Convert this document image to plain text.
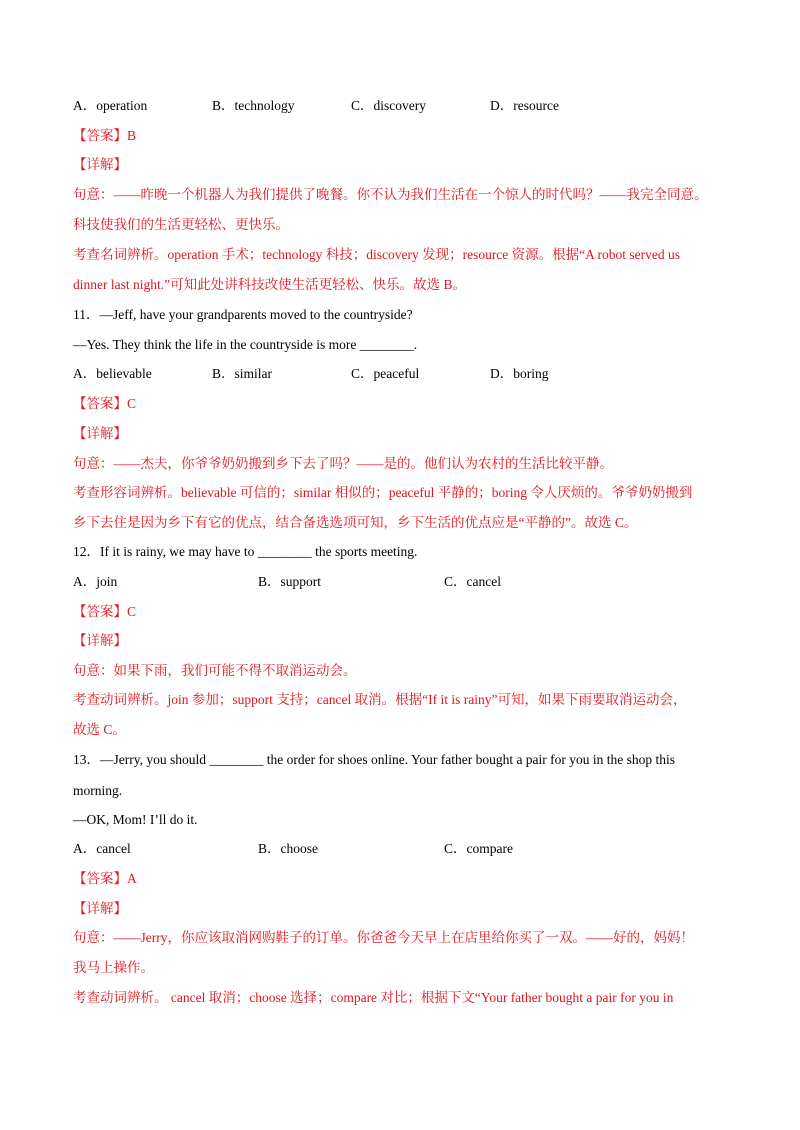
A．operation	B．technology	C．discovery	D．resource
【答案】B
【详解】
句意：——昨晚一个机器人为我们提供了晚餐。你不认为我们生活在一个惊人的时代吗？——我完全同意。
科技使我们的生活更轻松、更快乐。
考查名词辨析。operation 手术；technology 科技；discovery 发现；resource 资源。根据“A robot served us
dinner last night.”可知此处讲科技改使生活更轻松、快乐。故选 B。
11．—Jeff, have your grandparents moved to the countryside?
—Yes. They think the life in the countryside is more ________.
A．believable	B．similar	C．peaceful	D．boring
【答案】C
【详解】
句意：——杰夫，你爷爷奶奶搬到乡下去了吗？——是的。他们认为农村的生活比较平静。
考查形容词辨析。believable 可信的；similar 相似的；peaceful 平静的；boring 令人厌烦的。爷爷奶奶搬到
乡下去住是因为乡下有它的优点，结合备选选项可知，乡下生活的优点应是“平静的”。故选 C。
12．If it is rainy, we may have to ________ the sports meeting.
A．join	B．support	C．cancel
【答案】C
【详解】
句意：如果下雨，我们可能不得不取消运动会。
考查动词辨析。join 参加；support 支持；cancel 取消。根据“If it is rainy”可知，如果下雨要取消运动会，
故选 C。
13．—Jerry, you should ________ the order for shoes online. Your father bought a pair for you in the shop this
morning.
—OK, Mom! I’ll do it.
A．cancel	B．choose	C．compare
【答案】A
【详解】
句意：——Jerry，你应该取消网购鞋子的订单。你爸爸今天早上在店里给你买了一双。——好的，妈妈！
我马上操作。
考查动词辨析。 cancel 取消；choose 选择；compare 对比；根据下文“Your father bought a pair for you in
